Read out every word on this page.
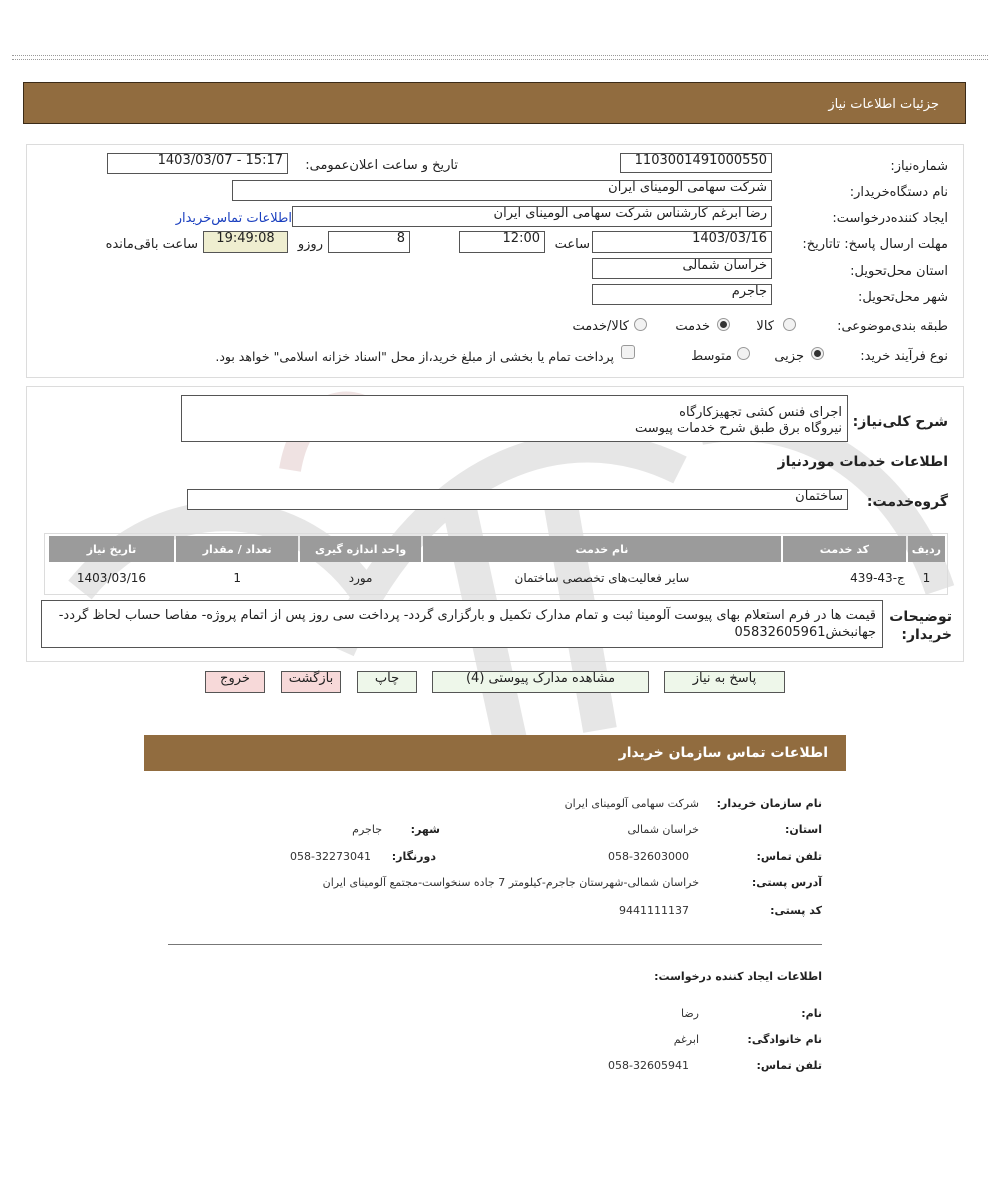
جزئیات اطلاعات نیاز
شماره‌نیاز:
1103001491000550
تاریخ و ساعت اعلان‌عمومی:
1403/03/07 - 15:17
نام دستگاه‌خریدار:
شرکت سهامی آلومینای ایران
ایجاد کننده‌درخواست:
رضا ابرغم کارشناس شرکت سهامی آلومینای ایران
اطلاعات تماس‌خریدار
مهلت ارسال پاسخ: تاتاریخ:
1403/03/16
ساعت
12:00
8
روزو
19:49:08
ساعت باقی‌مانده
استان محل‌تحویل:
خراسان شمالی
شهر محل‌تحویل:
جاجرم
طبقه بندی‌موضوعی:
کالا
خدمت
کالا/خدمت
نوع فرآیند خرید:
جزیی
متوسط
پرداخت تمام یا بخشی از مبلغ خرید،از محل "اسناد خزانه اسلامی" خواهد بود.
شرح کلی‌نیاز:
اجرای فنس کشی تجهیزکارگاه
نیروگاه برق طبق شرح خدمات پیوست
اطلاعات خدمات مورد‌نیاز
گروه‌خدمت:
ساختمان
ردیف	کد خدمت	نام خدمت	واحد اندازه گیری	تعداد / مقدار	تاریخ نیاز
1	ج-43-439	سایر فعالیت‌های تخصصی ساختمان	مورد	1	1403/03/16
توضیحات
خریدار:
قیمت ها در فرم استعلام بهای پیوست آلومینا ثبت و تمام مدارک تکمیل و بارگزاری گردد- پرداخت سی روز پس از اتمام پروژه- مفاصا حساب لحاظ گردد- جهانبخش05832605961
پاسخ به نیاز
مشاهده مدارک پیوستی (4)
چاپ
بازگشت
خروج
اطلاعات تماس سازمان خریدار
نام سازمان خریدار:
شرکت سهامی آلومینای ایران
استان:
خراسان شمالی
شهر:
جاجرم
تلفن تماس:
058-32603000
دورنگار:
058-32273041
آدرس پستی:
خراسان شمالی-شهرستان جاجرم-کیلومتر 7 جاده سنخواست-مجتمع آلومینای ایران
کد پستی:
9441111137
اطلاعات ایجاد کننده درخواست:
نام:
رضا
نام خانوادگی:
ابرغم
تلفن تماس:
058-32605941
